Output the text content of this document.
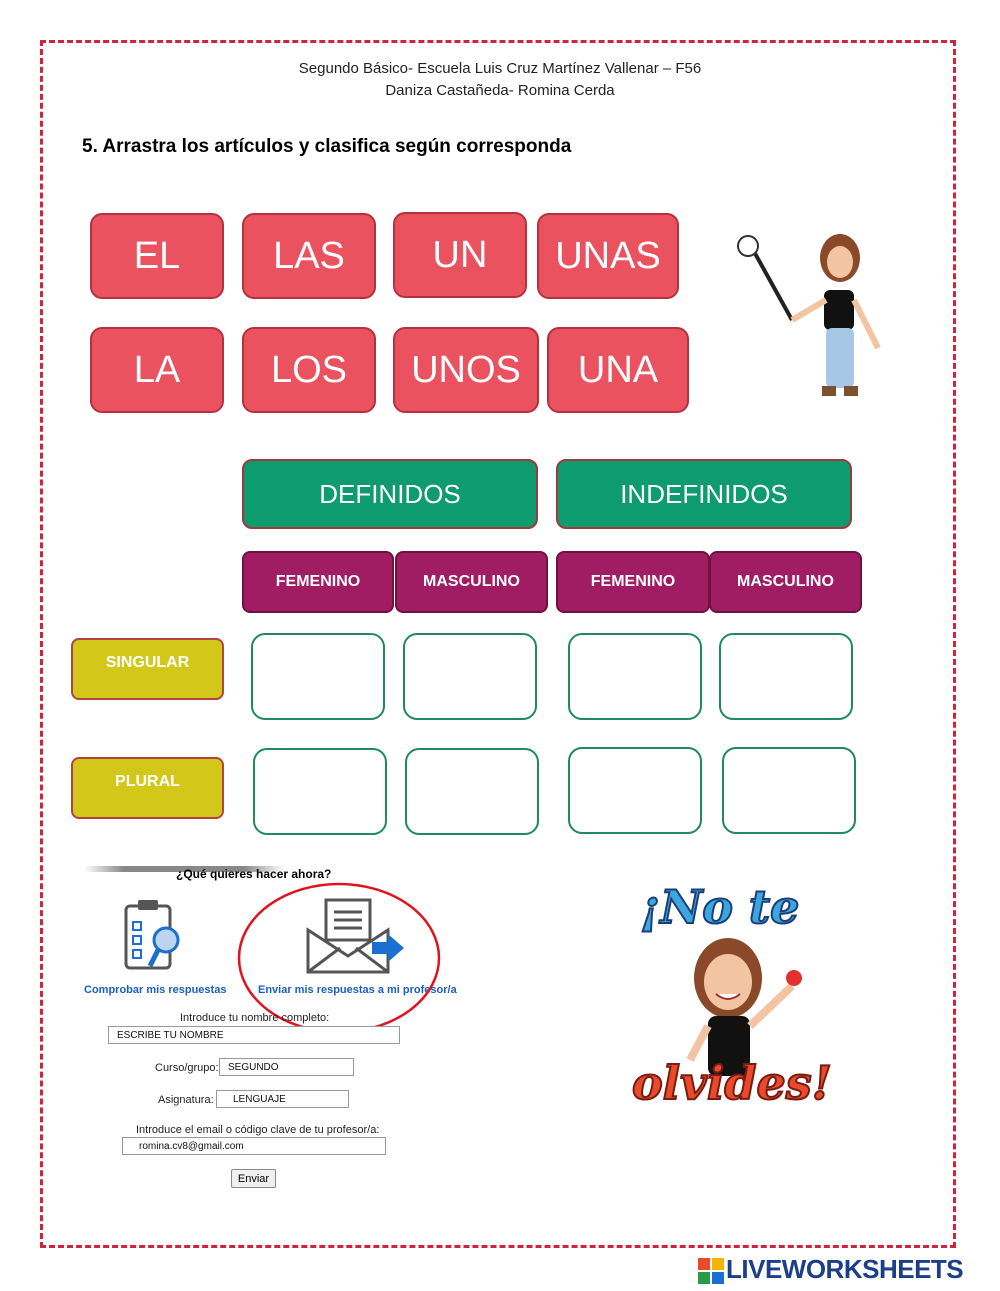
Segundo Básico- Escuela Luis Cruz Martínez Vallenar – F56
Daniza Castañeda- Romina Cerda
5. Arrastra los artículos y clasifica según corresponda
EL	LAS	UN	UNAS
LA	LOS	UNOS	UNA
DEFINIDOS	INDEFINIDOS
FEMENINO	MASCULINO	FEMENINO	MASCULINO
SINGULAR
PLURAL
¿Qué quieres hacer ahora?
Comprobar mis respuestas	Enviar mis respuestas a mi profesor/a
Introduce tu nombre completo:
ESCRIBE TU NOMBRE
Curso/grupo:
SEGUNDO
Asignatura:
LENGUAJE
Introduce el email o código clave de tu profesor/a:
romina.cv8@gmail.com
Enviar
¡No te
olvides!
LIVEWORKSHEETS
